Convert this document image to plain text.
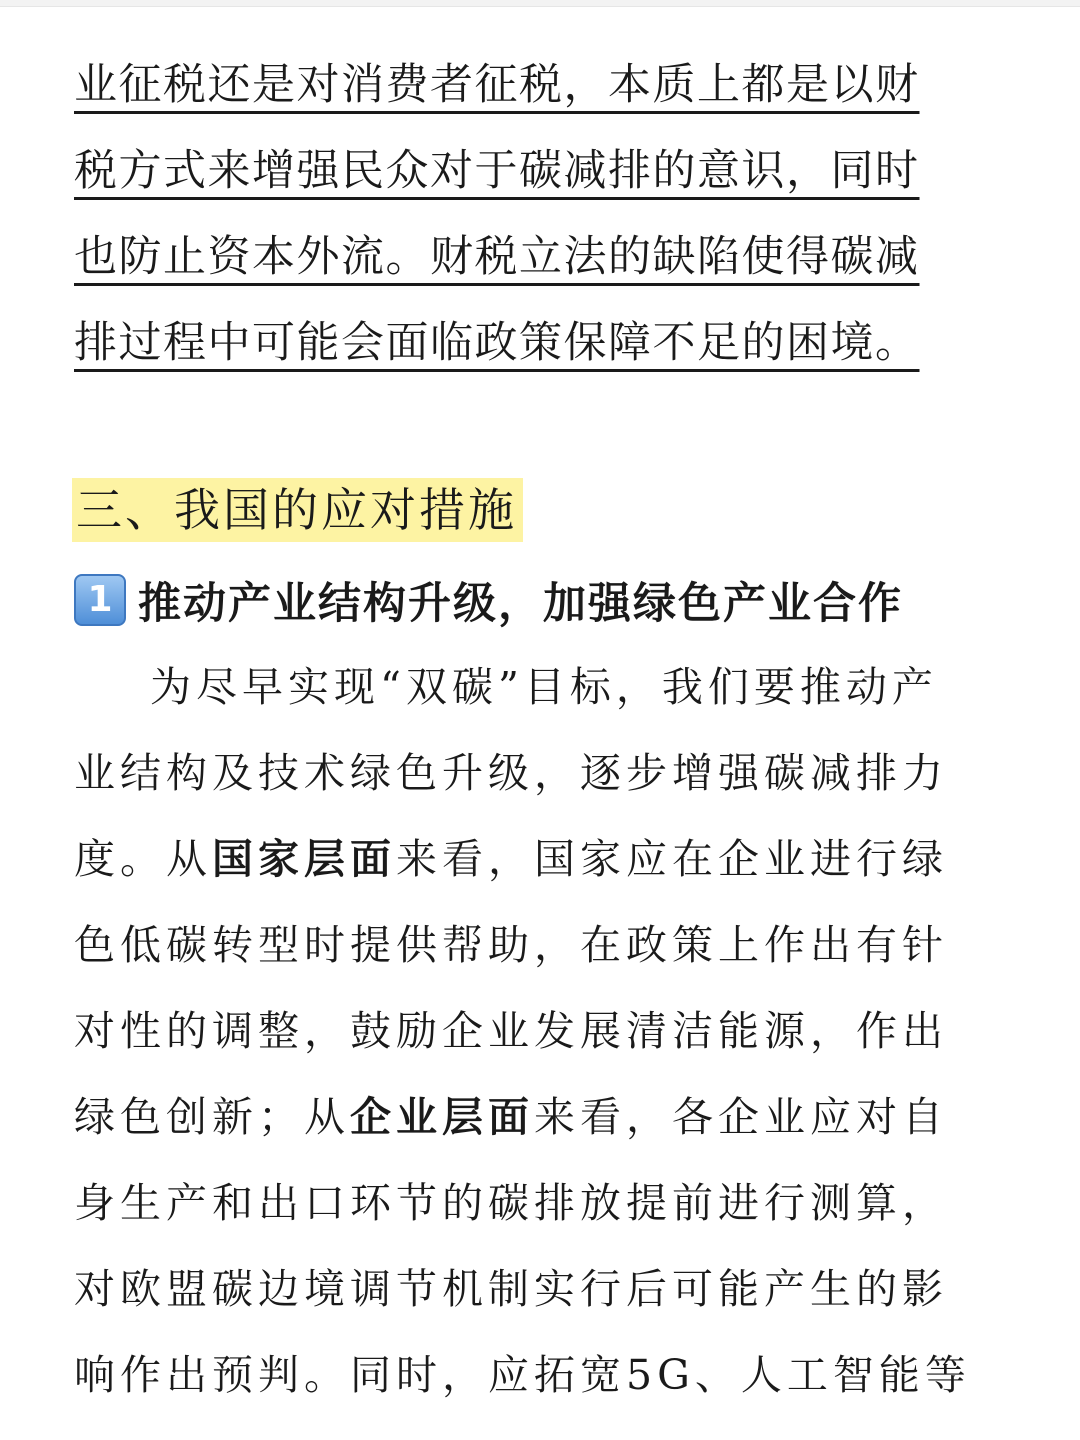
业征税还是对消费者征税，本质上都是以财
税方式来增强民众对于碳减排的意识，同时
也防止资本外流。财税立法的缺陷使得碳减
排过程中可能会面临政策保障不足的困境。
三、我国的应对措施
1 推动产业结构升级，加强绿色产业合作
为尽早实现“双碳”目标，我们要推动产
业结构及技术绿色升级，逐步增强碳减排力
度。从国家层面来看，国家应在企业进行绿
色低碳转型时提供帮助，在政策上作出有针
对性的调整，鼓励企业发展清洁能源，作出
绿色创新；从企业层面来看，各企业应对自
身生产和出口环节的碳排放提前进行测算，
对欧盟碳边境调节机制实行后可能产生的影
响作出预判。同时，应拓宽5G、人工智能等
